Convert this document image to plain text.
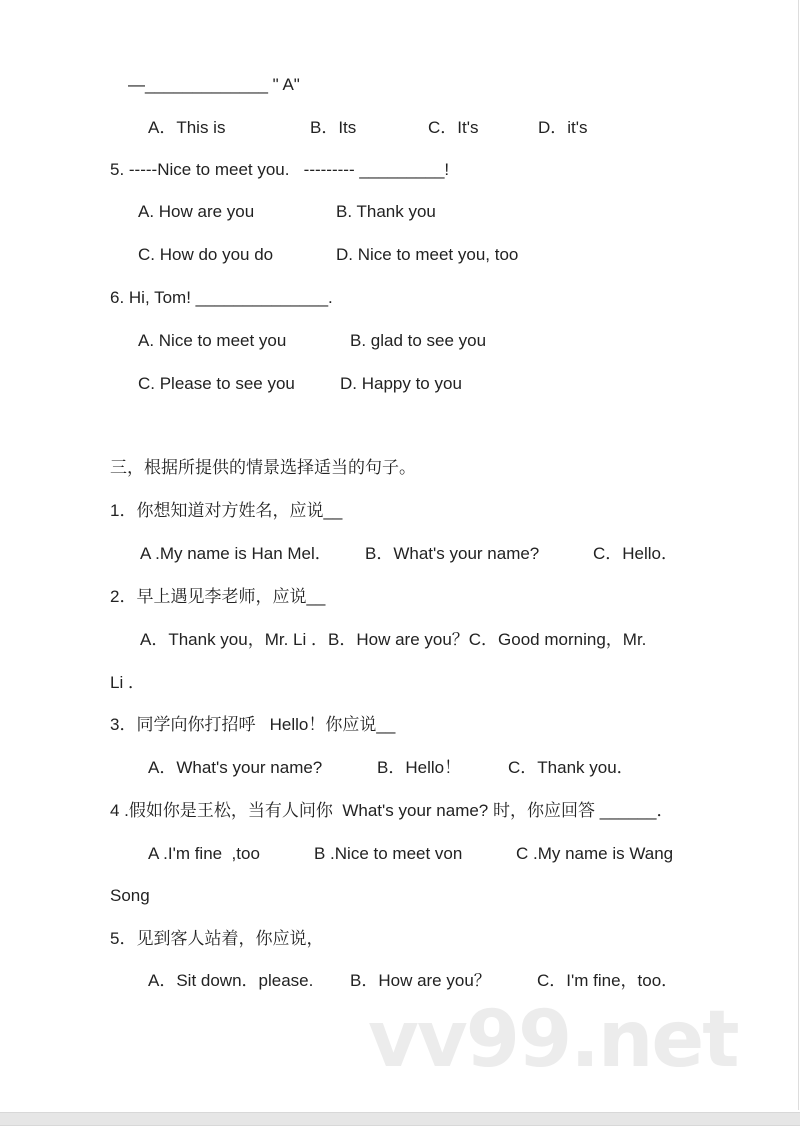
—_____________ " A"
A．This is	B．Its	C．It's	D．it's
5. -----Nice to meet you.   --------- _________!
A. How are you	B. Thank you
C. How do you do	D. Nice to meet you, too
6. Hi, Tom! ______________.
A. Nice to meet you	B. glad to see you
C. Please to see you	D. Happy to you
三，根据所提供的情景选择适当的句子。
1．你想知道对方姓名，应说__
A .My name is Han Mel． B．What's your name?	C．Hello．
2．早上遇见李老师，应说__
A．Thank you，Mr. Li ．B．How are you？C．Good morning，Mr.
Li ．
3．同学向你打招呼   Hello！你应说__
A．What's your name?	B．Hello！	C．Thank you．
4 .假如你是王松，当有人问你  What's your name? 时，你应回答 ______．
A .I'm fine  ,too	B .Nice to meet von	C .My name is Wang
Song
5．见到客人站着，你应说，
A．Sit down．please. B．How are you？	C．I'm fine，too．
vv99.net
